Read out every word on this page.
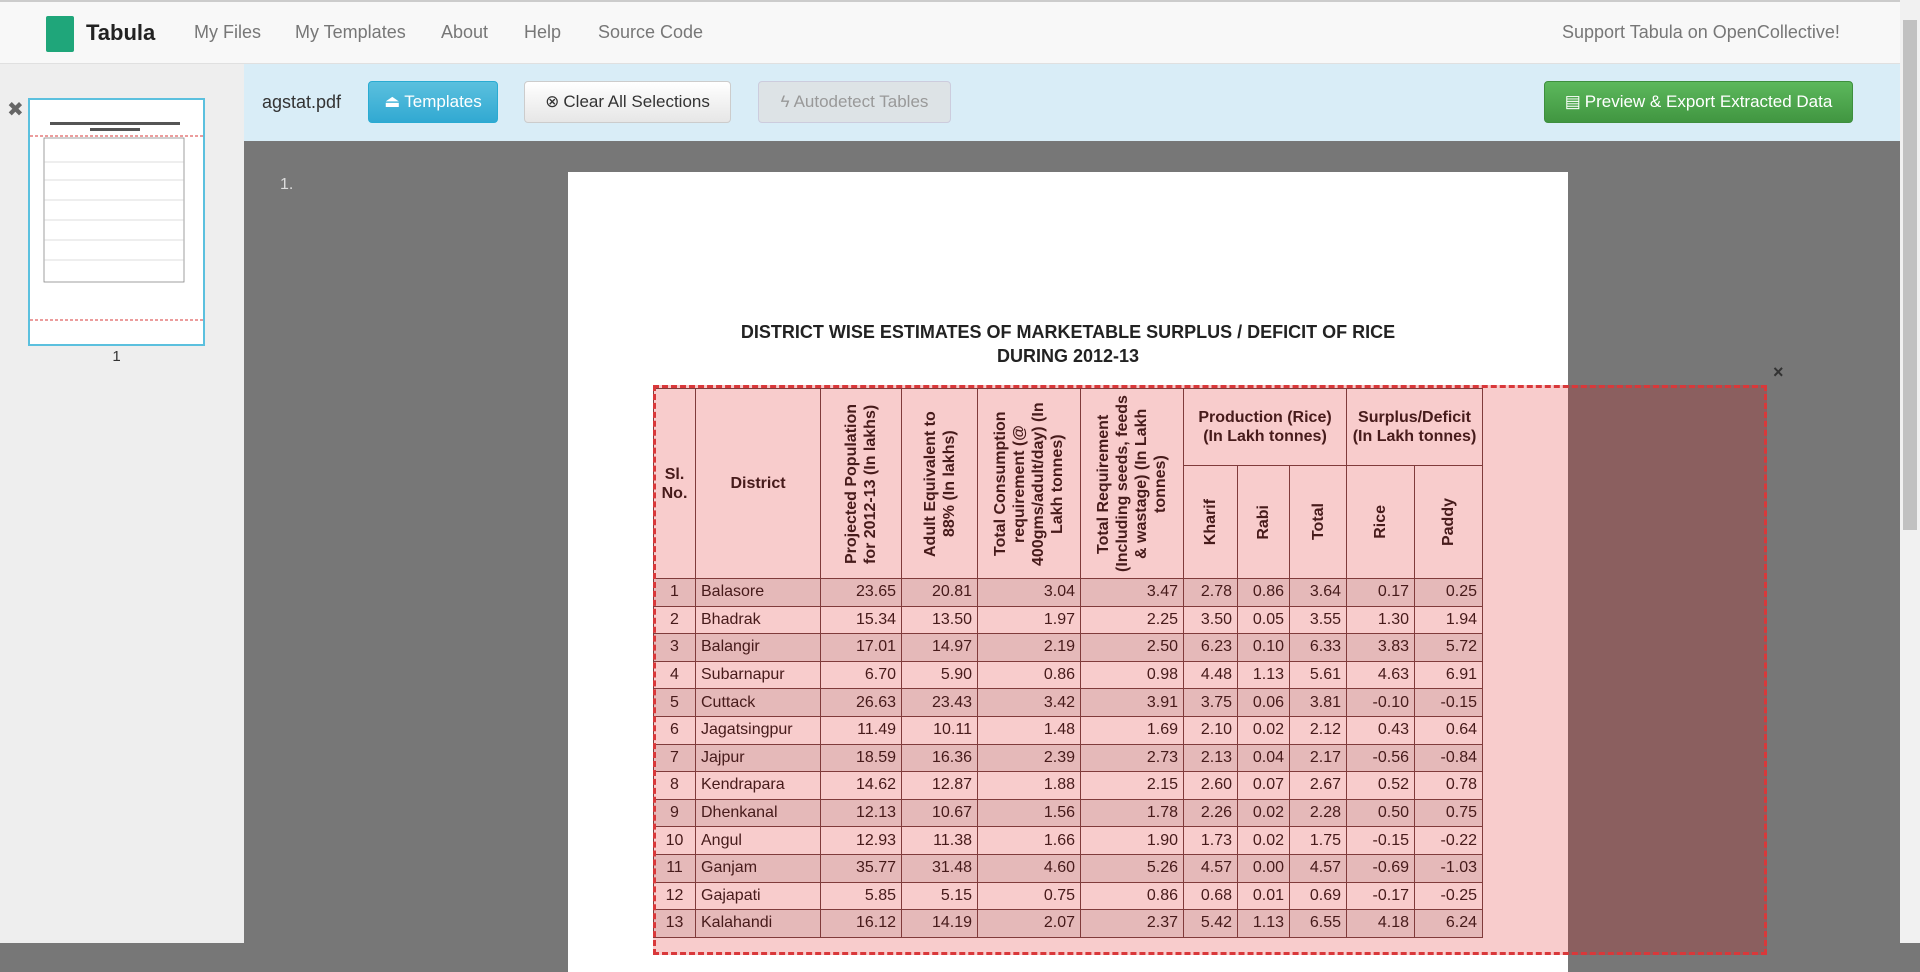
Tabula My Files My Templates About Help Source Code	Support Tabula on OpenCollective!
✖
1
agstat.pdf	⏏ Templates	⊗ Clear All Selections	ϟ Autodetect Tables	▤ Preview & Export Extracted Data
1.
DISTRICT WISE ESTIMATES OF MARKETABLE SURPLUS / DEFICIT OF RICE
DURING 2012-13
Sl. No.	District	Projected Population for 2012-13 (In lakhs)	Adult Equivalent to 88% (In lakhs)	Total Consumption requirement (@ 400gms/adult/day) (In Lakh tonnes)	Total Requirement (Including seeds, feeds & wastage) (In Lakh tonnes)	Production (Rice) (In Lakh tonnes)			Surplus/Deficit (In Lakh tonnes)	

						Kharif	Rabi	Total	Rice	Paddy

1	Balasore	23.65	20.81	3.04	3.47	2.78	0.86	3.64	0.17	0.25
2	Bhadrak	15.34	13.50	1.97	2.25	3.50	0.05	3.55	1.30	1.94
3	Balangir	17.01	14.97	2.19	2.50	6.23	0.10	6.33	3.83	5.72
4	Subarnapur	6.70	5.90	0.86	0.98	4.48	1.13	5.61	4.63	6.91
5	Cuttack	26.63	23.43	3.42	3.91	3.75	0.06	3.81	-0.10	-0.15
6	Jagatsingpur	11.49	10.11	1.48	1.69	2.10	0.02	2.12	0.43	0.64
7	Jajpur	18.59	16.36	2.39	2.73	2.13	0.04	2.17	-0.56	-0.84
8	Kendrapara	14.62	12.87	1.88	2.15	2.60	0.07	2.67	0.52	0.78
9	Dhenkanal	12.13	10.67	1.56	1.78	2.26	0.02	2.28	0.50	0.75
10	Angul	12.93	11.38	1.66	1.90	1.73	0.02	1.75	-0.15	-0.22
11	Ganjam	35.77	31.48	4.60	5.26	4.57	0.00	4.57	-0.69	-1.03
12	Gajapati	5.85	5.15	0.75	0.86	0.68	0.01	0.69	-0.17	-0.25
13	Kalahandi	16.12	14.19	2.07	2.37	5.42	1.13	6.55	4.18	6.24
×
